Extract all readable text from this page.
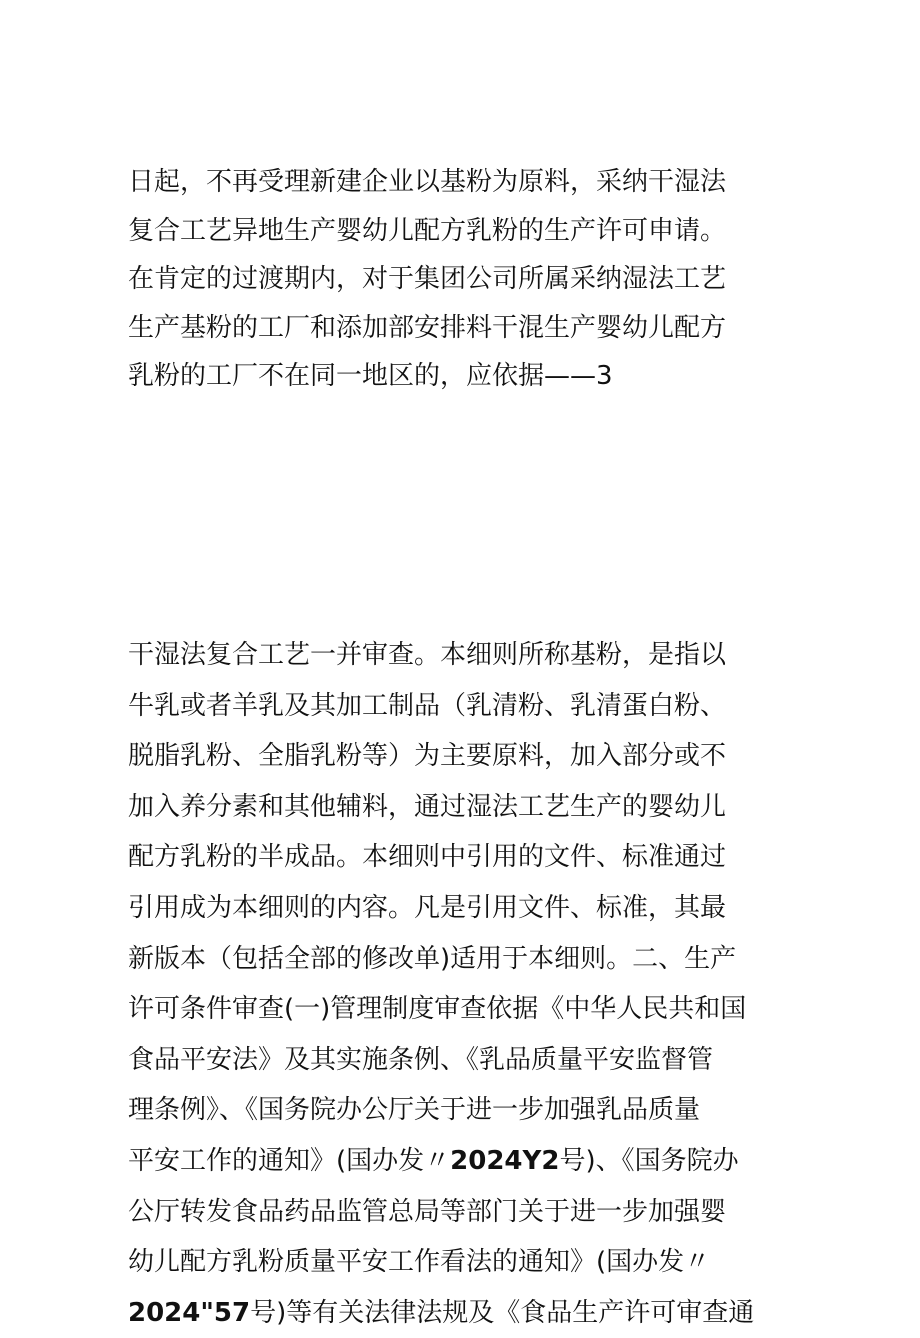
日起，不再受理新建企业以基粉为原料，采纳干湿法
复合工艺异地生产婴幼儿配方乳粉的生产许可申请。
在肯定的过渡期内，对于集团公司所属采纳湿法工艺
生产基粉的工厂和添加部安排料干混生产婴幼儿配方
乳粉的工厂不在同一地区的，应依据——3
干湿法复合工艺一并审查。本细则所称基粉，是指以
牛乳或者羊乳及其加工制品（乳清粉、乳清蛋白粉、
脱脂乳粉、全脂乳粉等）为主要原料，加入部分或不
加入养分素和其他辅料，通过湿法工艺生产的婴幼儿
配方乳粉的半成品。本细则中引用的文件、标准通过
引用成为本细则的内容。凡是引用文件、标准，其最
新版本（包括全部的修改单)适用于本细则。二、生产
许可条件审查(一)管理制度审查依据《中华人民共和国
食品平安法》及其实施条例、《乳品质量平安监督管
理条例》、《国务院办公厅关于进一步加强乳品质量
平安工作的通知》(国办发〃2024Y2号)、《国务院办
公厅转发食品药品监管总局等部门关于进一步加强婴
幼儿配方乳粉质量平安工作看法的通知》(国办发〃
2024"57号)等有关法律法规及《食品生产许可审查通
